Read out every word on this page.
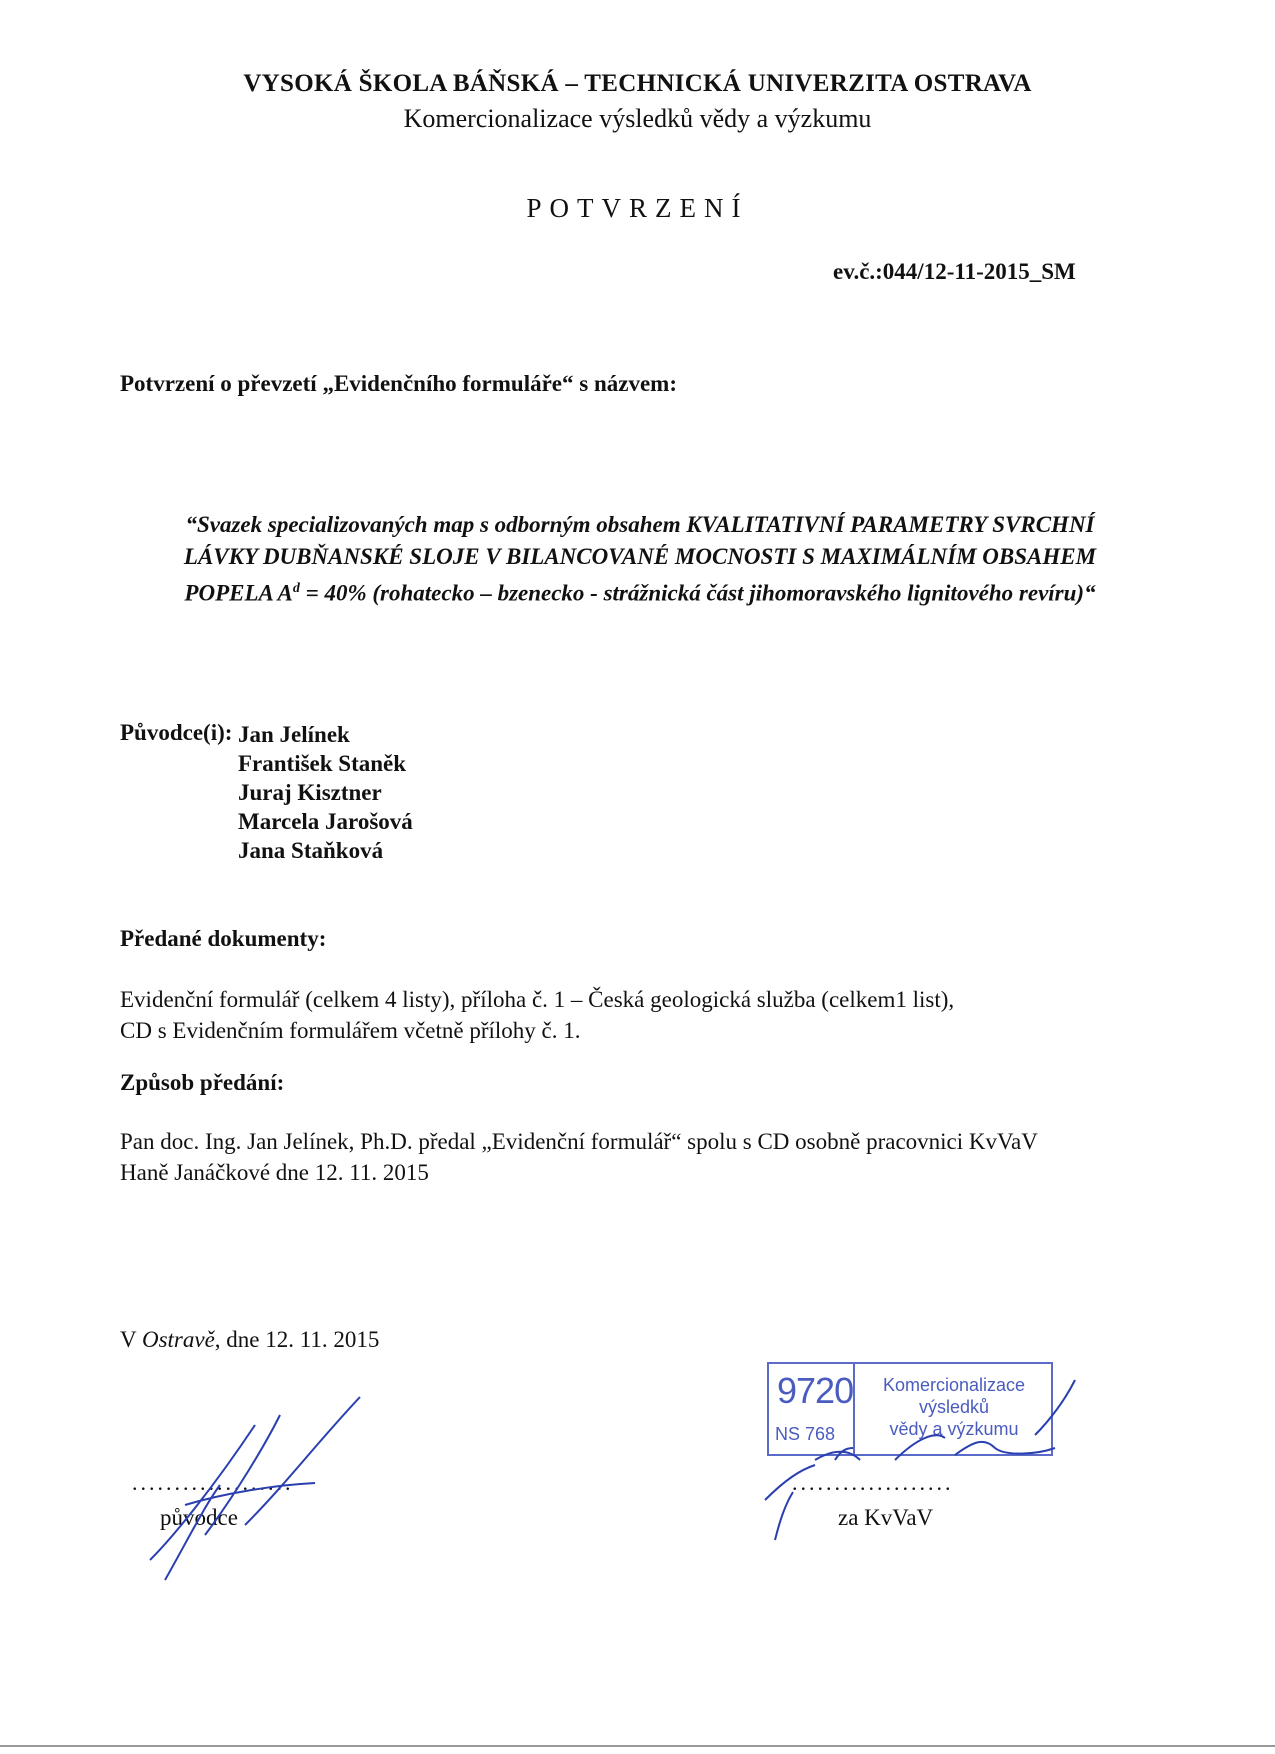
VYSOKÁ ŠKOLA BÁŇSKÁ – TECHNICKÁ UNIVERZITA OSTRAVA
Komercionalizace výsledků vědy a výzkumu
POTVRZENÍ
ev.č.:044/12-11-2015_SM
Potvrzení o převzetí „Evidenčního formuláře“ s názvem:
“Svazek specializovaných map s odborným obsahem KVALITATIVNÍ PARAMETRY SVRCHNÍ
LÁVKY DUBŇANSKÉ SLOJE V BILANCOVANÉ MOCNOSTI S MAXIMÁLNÍM OBSAHEM
POPELA $A^d = 40\%$ (rohatecko – bzenecko - strážnická část jihomoravského lignitového revíru)“
Původce(i): Jan Jelínek
František Staněk
Juraj Kisztner
Marcela Jarošová
Jana Staňková
Předané dokumenty:
Evidenční formulář (celkem 4 listy), příloha č. 1 – Česká geologická služba (celkem1 list),
CD s Evidenčním formulářem včetně přílohy č. 1.
Způsob předání:
Pan doc. Ing. Jan Jelínek, Ph.D. předal „Evidenční formulář“ spolu s CD osobně pracovnici KvVaV
Haně Janáčkové dne 12. 11. 2015
V Ostravě, dne 12. 11. 2015
...................
původce
9720
NS 768
Komercionalizace
výsledků
vědy a výzkumu
...................
za KvVaV
